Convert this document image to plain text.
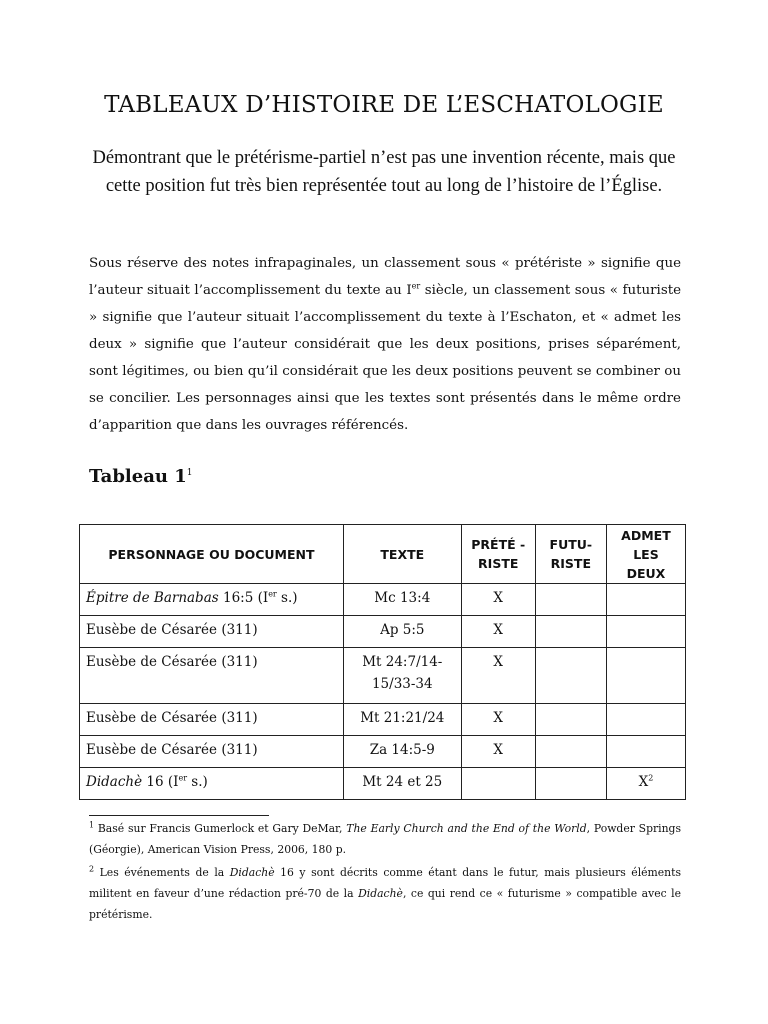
TABLEAUX D’HISTOIRE DE L’ESCHATOLOGIE
Démontrant que le prétérisme-partiel n’est pas une invention récente, mais que cette position fut très bien représentée tout au long de l’histoire de l’Église.
Sous réserve des notes infrapaginales, un classement sous « prétériste » signifie que l’auteur situait l’accomplissement du texte au Ier siècle, un classement sous « futuriste » signifie que l’auteur situait l’accomplissement du texte à l’Eschaton, et « admet les deux » signifie que l’auteur considérait que les deux positions, prises séparément, sont légitimes, ou bien qu’il considérait que les deux positions peuvent se combiner ou se concilier. Les personnages ainsi que les textes sont présentés dans le même ordre d’apparition que dans les ouvrages référencés.
Tableau $1^1$
PERSONNAGE OU DOCUMENT	TEXTE	PRÉTÉ -RISTE	FUTU- RISTE	ADMET LES DEUX
Épitre de Barnabas 16:5 (Ier s.)	Mc 13:4	X		
Eusèbe de Césarée (311)	Ap 5:5	X		
Eusèbe de Césarée (311)	Mt 24:7/14-15/33-34	X		
Eusèbe de Césarée (311)	Mt 21:21/24	X		
Eusèbe de Césarée (311)	Za 14:5-9	X		
Didachè 16 (Ier s.)	Mt 24 et 25			X$^2$

$^1$ Basé sur Francis Gumerlock et Gary DeMar, The Early Church and the End of the World, Powder Springs (Géorgie), American Vision Press, 2006, 180 p.

$^2$ Les événements de la Didachè 16 y sont décrits comme étant dans le futur, mais plusieurs éléments militent en faveur d’une rédaction pré-70 de la Didachè, ce qui rend ce « futurisme » compatible avec le prétérisme.
